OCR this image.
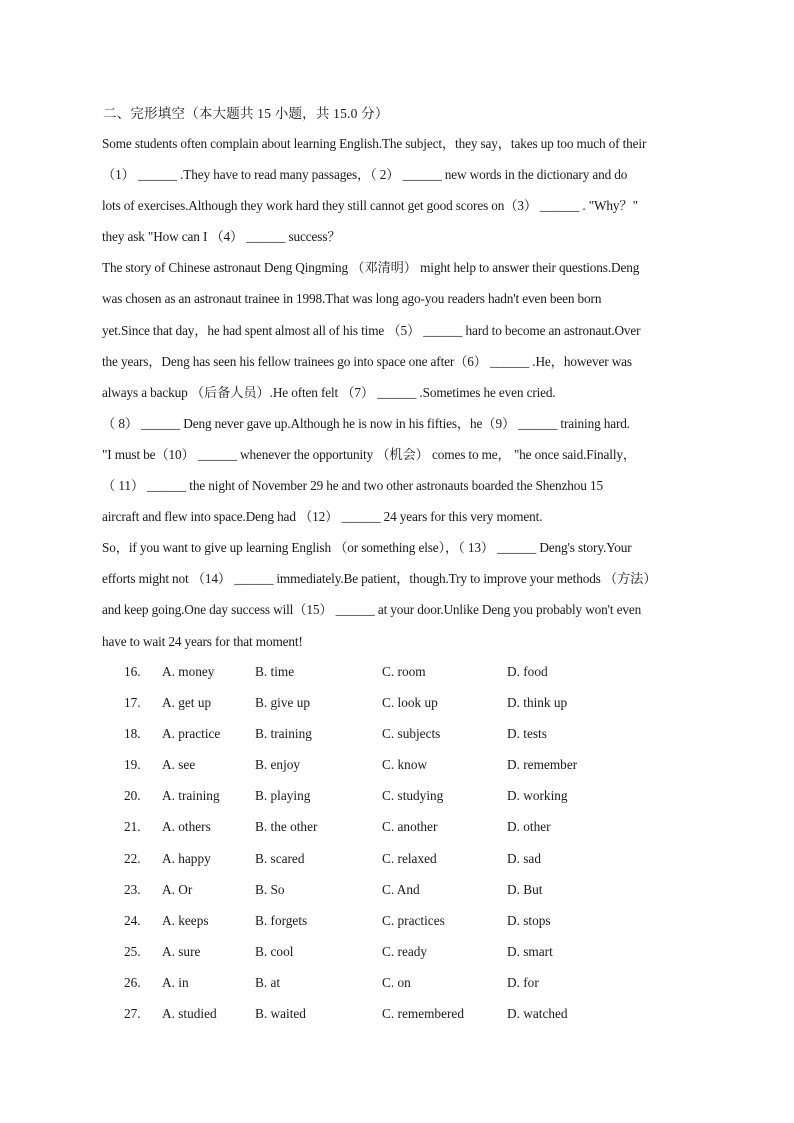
二、完形填空（本大题共 15 小题，共 15.0 分）
Some students often complain about learning English.The subject，they say，takes up too much of their
（1） ______ .They have to read many passages，（ 2） ______ new words in the dictionary and do
lots of exercises.Although they work hard they still cannot get good scores on（3） ______ . "Why？"
they ask "How can I （4） ______ success？
The story of Chinese astronaut Deng Qingming （邓清明） might help to answer their questions.Deng
was chosen as an astronaut trainee in 1998.That was long ago-you readers hadn't even been born
yet.Since that day，he had spent almost all of his time （5） ______ hard to become an astronaut.Over
the years，Deng has seen his fellow trainees go into space one after（6） ______ .He，however was
always a backup （后备人员）.He often felt （7） ______ .Sometimes he even cried.
（ 8） ______ Deng never gave up.Although he is now in his fifties，he（9） ______ training hard.
"I must be（10） ______ whenever the opportunity （机会） comes to me， "he once said.Finally，
（ 11） ______ the night of November 29 he and two other astronauts boarded the Shenzhou 15
aircraft and flew into space.Deng had （12） ______ 24 years for this very moment.
So，if you want to give up learning English （or something else），（ 13） ______ Deng's story.Your
efforts might not （14） ______ immediately.Be patient，though.Try to improve your methods （方法）
and keep going.One day success will（15） ______ at your door.Unlike Deng you probably won't even
have to wait 24 years for that moment!
16. A. money	B. time	C. room	D. food
17. A. get up	B. give up	C. look up	D. think up
18. A. practice	B. training	C. subjects	D. tests
19. A. see	B. enjoy	C. know	D. remember
20. A. training	B. playing	C. studying	D. working
21. A. others	B. the other	C. another	D. other
22. A. happy	B. scared	C. relaxed	D. sad
23. A. Or	B. So	C. And	D. But
24. A. keeps	B. forgets	C. practices	D. stops
25. A. sure	B. cool	C. ready	D. smart
26. A. in	B. at	C. on	D. for
27. A. studied	B. waited	C. remembered	D. watched
